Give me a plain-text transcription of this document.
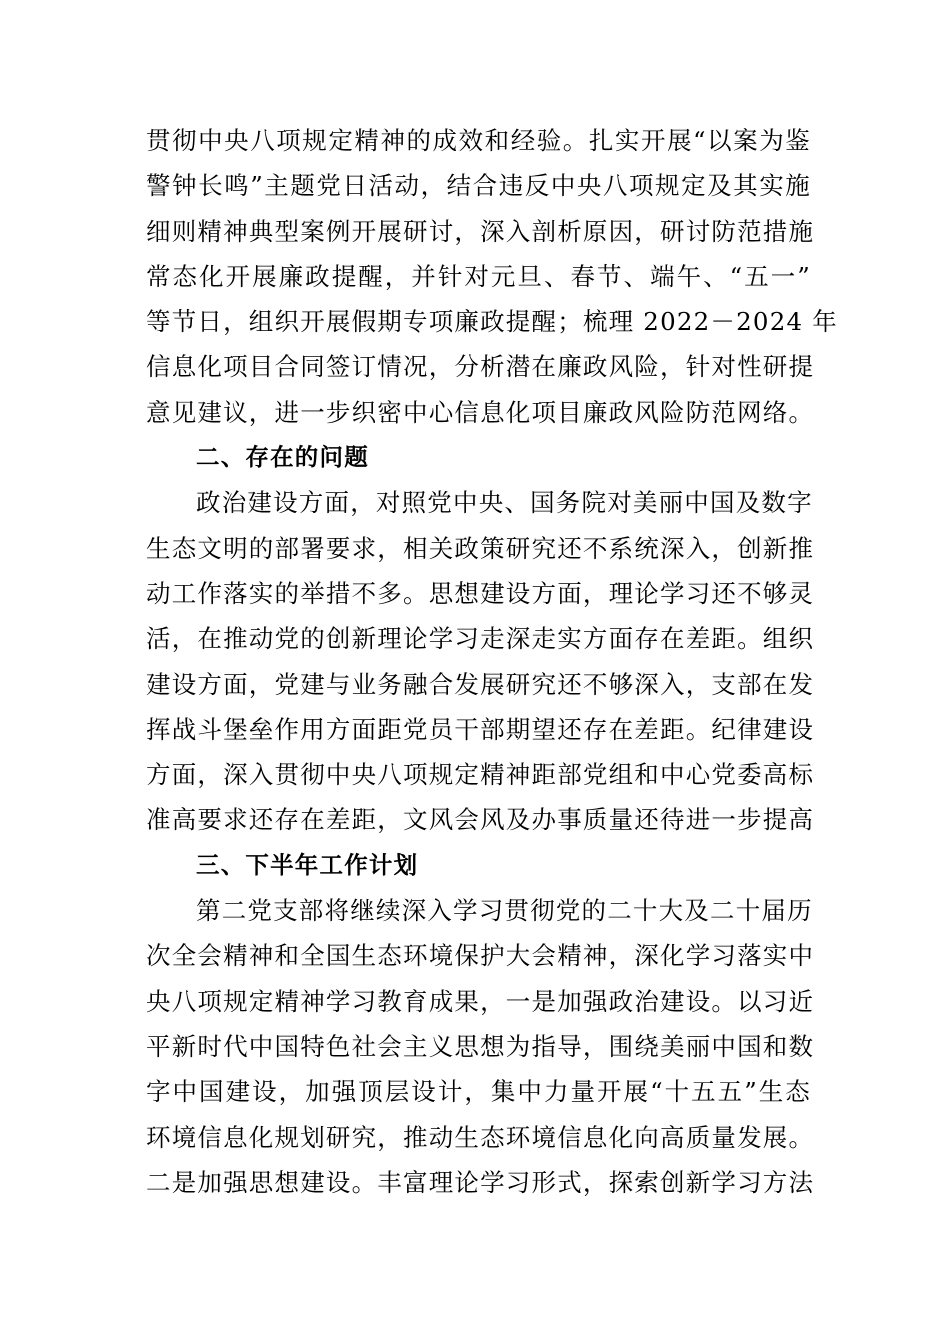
贯彻中央八项规定精神的成效和经验。扎实开展“以案为鉴
警钟长鸣”主题党日活动，结合违反中央八项规定及其实施
细则精神典型案例开展研讨，深入剖析原因，研讨防范措施
常态化开展廉政提醒，并针对元旦、春节、端午、“五一”
等节日，组织开展假期专项廉政提醒；梳理 2022－2024 年
信息化项目合同签订情况，分析潜在廉政风险，针对性研提
意见建议，进一步织密中心信息化项目廉政风险防范网络。
二、存在的问题
政治建设方面，对照党中央、国务院对美丽中国及数字
生态文明的部署要求，相关政策研究还不系统深入，创新推
动工作落实的举措不多。思想建设方面，理论学习还不够灵
活，在推动党的创新理论学习走深走实方面存在差距。组织
建设方面，党建与业务融合发展研究还不够深入，支部在发
挥战斗堡垒作用方面距党员干部期望还存在差距。纪律建设
方面，深入贯彻中央八项规定精神距部党组和中心党委高标
准高要求还存在差距，文风会风及办事质量还待进一步提高
三、下半年工作计划
第二党支部将继续深入学习贯彻党的二十大及二十届历
次全会精神和全国生态环境保护大会精神，深化学习落实中
央八项规定精神学习教育成果，一是加强政治建设。以习近
平新时代中国特色社会主义思想为指导，围绕美丽中国和数
字中国建设，加强顶层设计，集中力量开展“十五五”生态
环境信息化规划研究，推动生态环境信息化向高质量发展。
二是加强思想建设。丰富理论学习形式，探索创新学习方法
